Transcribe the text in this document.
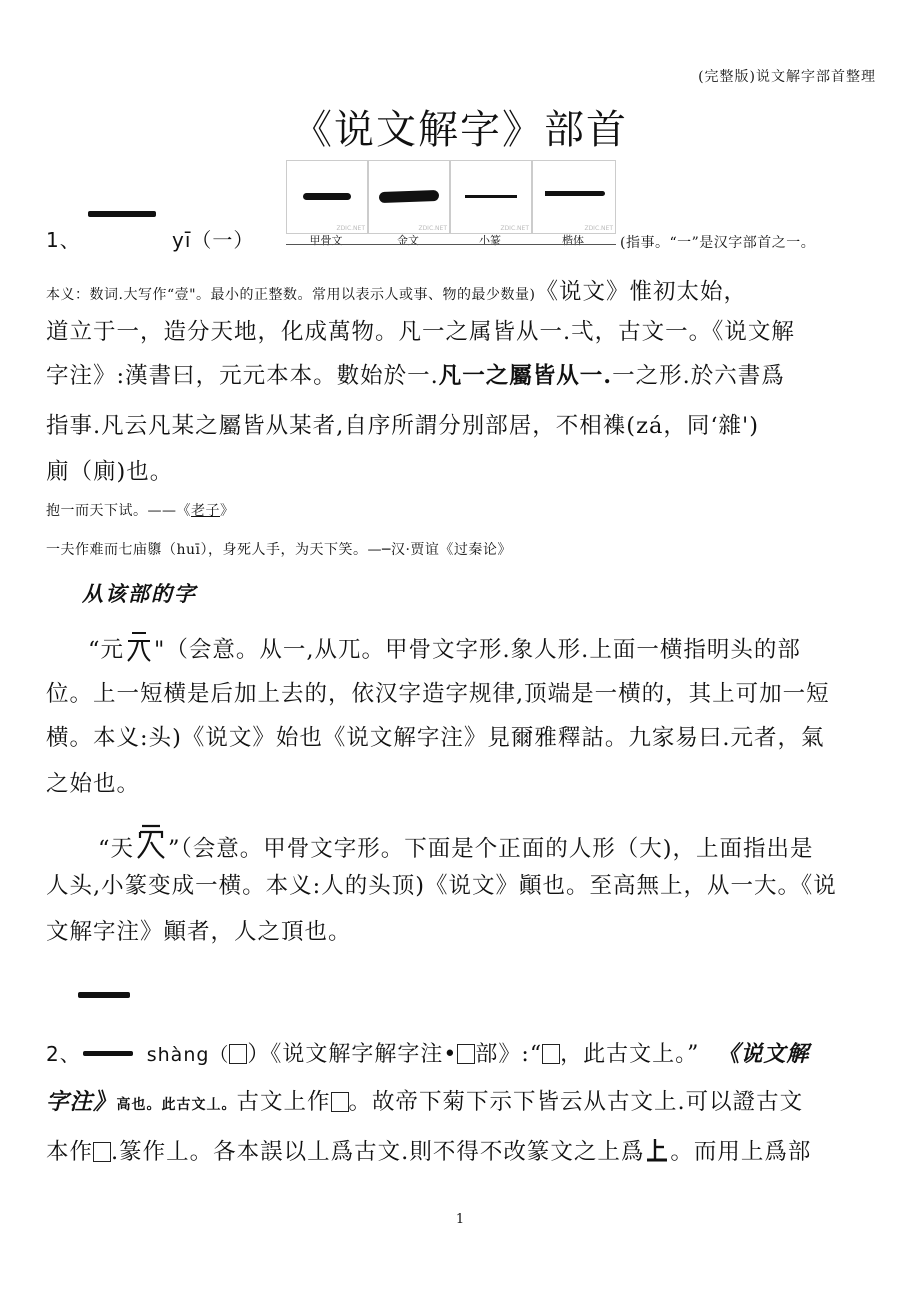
(完整版)说文解字部首整理
《说文解字》部首
ZDIC.NET	ZDIC.NET	ZDIC.NET	ZDIC.NET
甲骨文	金文	小篆	楷体
1、	yī（一）	(指事。“一”是汉字部首之一。
本义：数词.大写作“壹"。最小的正整数。常用以表示人或事、物的最少数量)《说文》惟初太始，
道立于一，造分天地，化成萬物。凡一之属皆从一.弌，古文一。《说文解
字注》:漢書曰，元元本本。數始於一.凡一之屬皆从一.一之形.於六書爲
指事.凡云凡某之屬皆从某者,自序所謂分別部居，不相襍(zá，同‘雜')
廁（廁)也。
抱一而天下试。——《老子》
一夫作难而七庙隳（huī），身死人手，为天下笑。—─汉·贾谊《过秦论》
从该部的字
“元 "（会意。从一,从兀。甲骨文字形.象人形.上面一横指明头的部
位。上一短横是后加上去的，依汉字造字规律,顶端是一横的，其上可加一短
横。本义:头)《说文》始也《说文解字注》見爾雅釋詁。九家易曰.元者，氣
之始也。
“天 ”（会意。甲骨文字形。下面是个正面的人形（大)，上面指出是
人头,小篆变成一横。本义:人的头顶)《说文》顚也。至高無上，从一大。《说
文解字注》顚者，人之頂也。
2、	shàng（ ）《说文解字解字注• 部》:“ ，此古文上。” 《说文解
字注》高也。此古文丄。古文上作 。故帝下菊下示下皆云从古文上.可以證古文
本作 .篆作丄。各本誤以丄爲古文.則不得不改篆文之上爲 。而用上爲部
1
